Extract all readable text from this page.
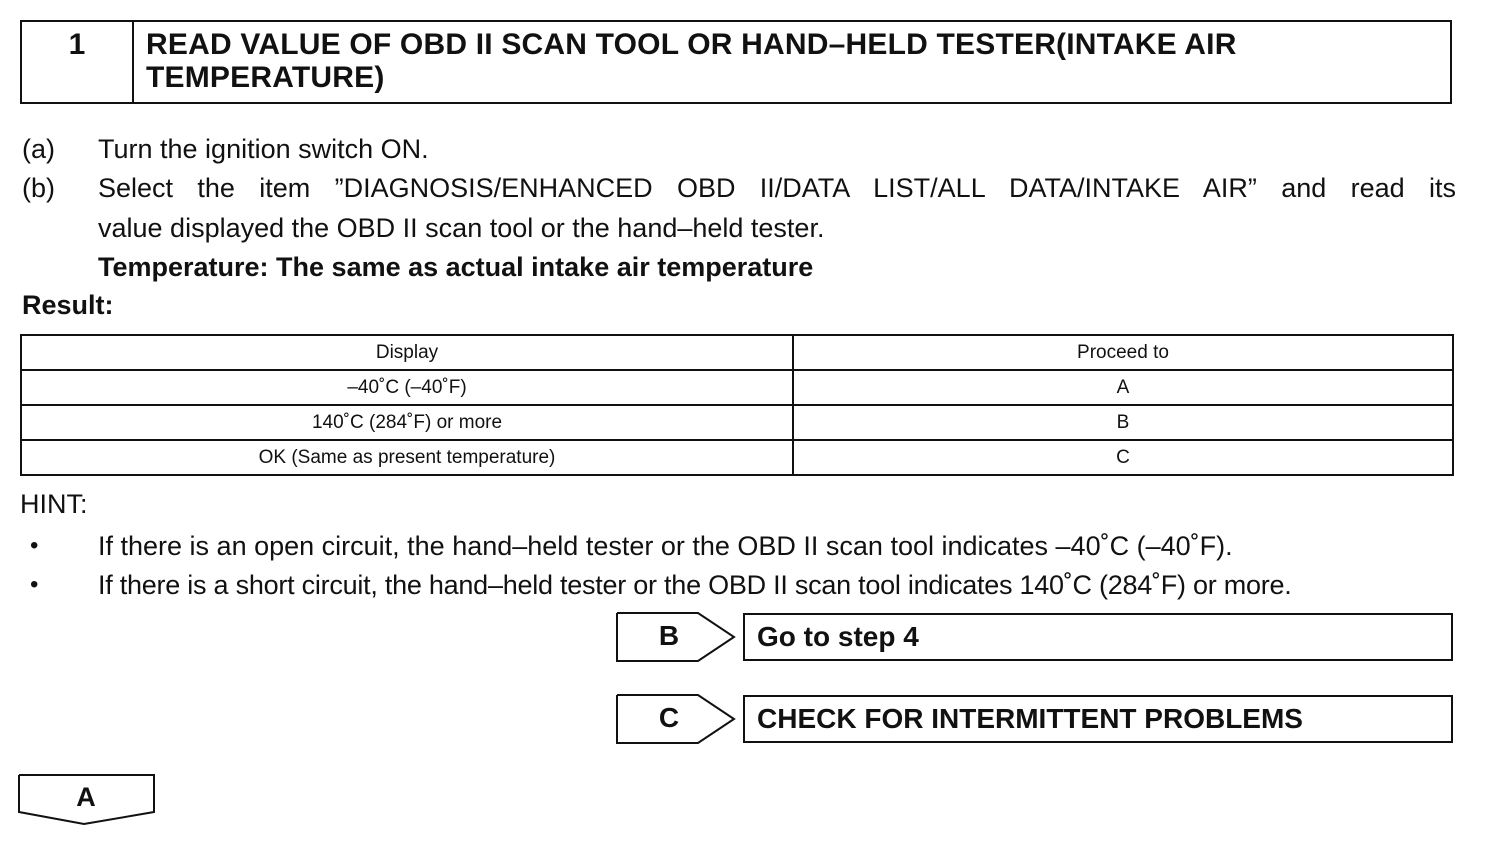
1	READ VALUE OF OBD II SCAN TOOL OR HAND–HELD TESTER(INTAKE AIR
TEMPERATURE)
(a) Turn the ignition switch ON.
(b) Select the item ”DIAGNOSIS/ENHANCED OBD II/DATA LIST/ALL DATA/INTAKE AIR” and read its
value displayed the OBD II scan tool or the hand–held tester.
Temperature: The same as actual intake air temperature
Result:
Display	Proceed to
–40˚C (–40˚F)	A
140˚C (284˚F) or more	B
OK (Same as present temperature)	C
HINT:
• If there is an open circuit, the hand–held tester or the OBD II scan tool indicates –40˚C (–40˚F).
• If there is a short circuit, the hand–held tester or the OBD II scan tool indicates 140˚C (284˚F) or more.
B	Go to step 4
C	CHECK FOR INTERMITTENT PROBLEMS
A
